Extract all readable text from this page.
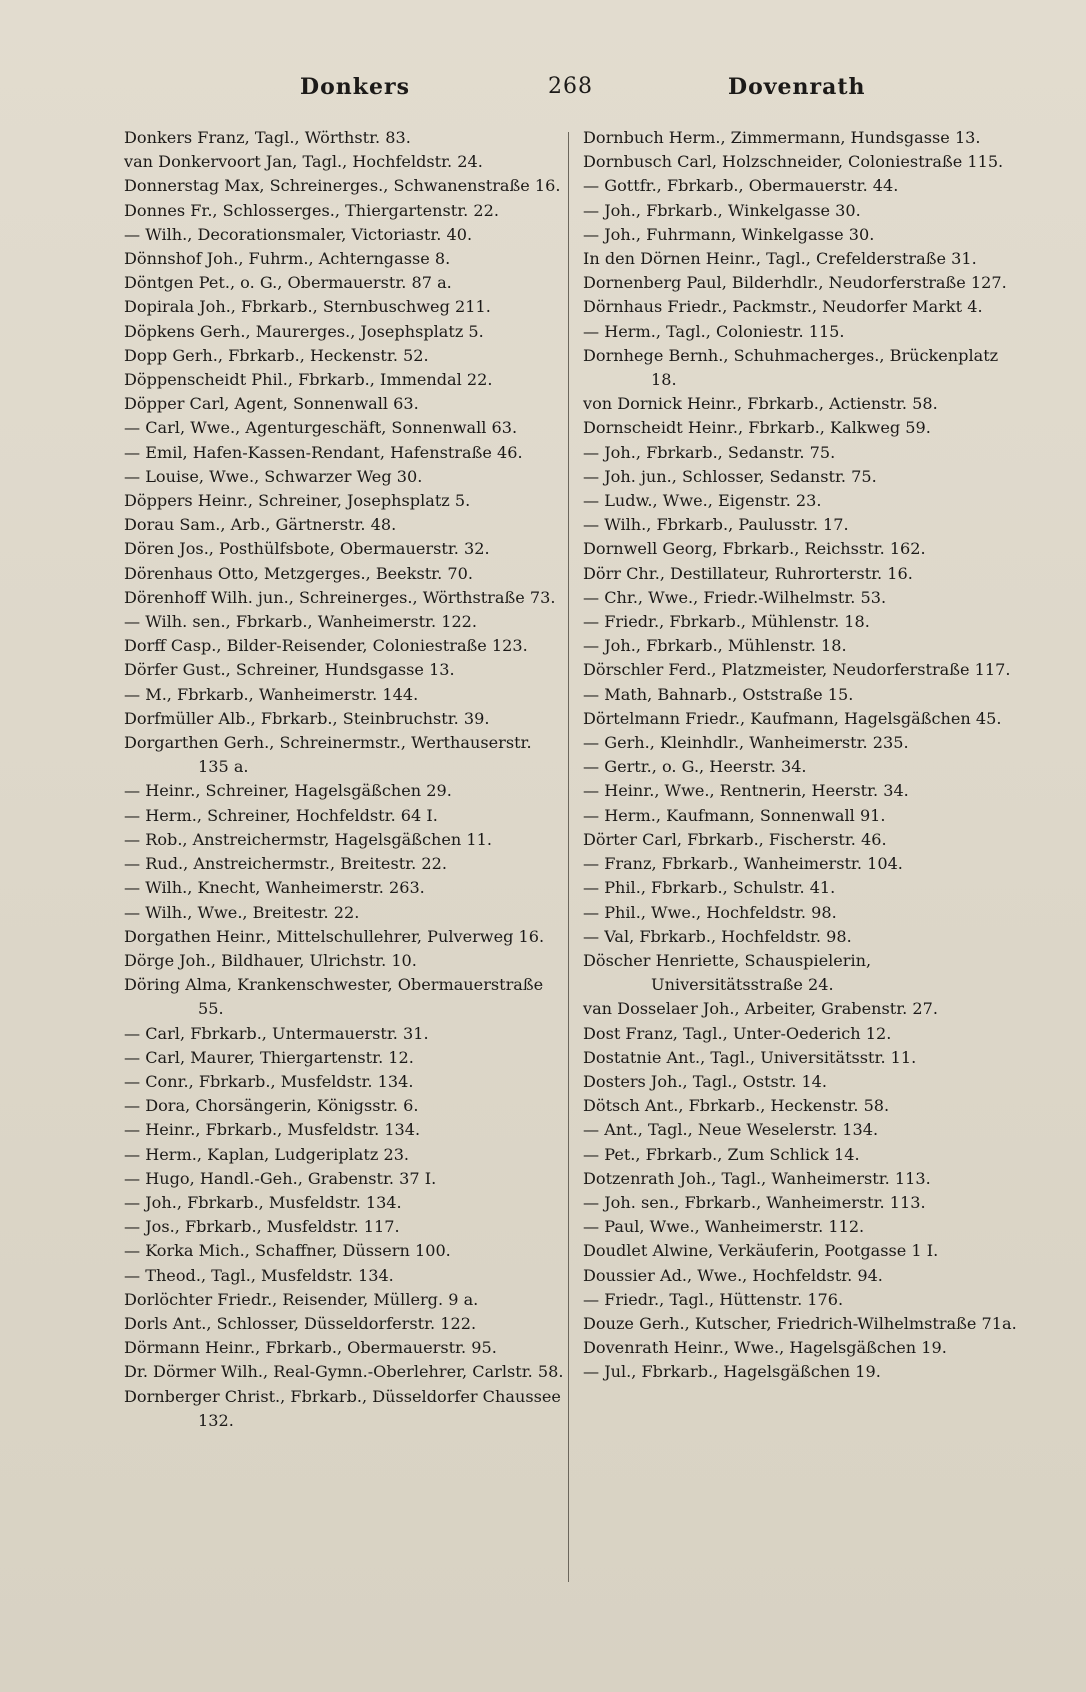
Donkers	268	Dovenrath

Donkers Franz, Tagl., Wörthstr. 83.

van Donkervoort Jan, Tagl., Hochfeldstr. 24.

Donnerstag Max, Schreinerges., Schwanenstraße 16.

Donnes Fr., Schlosserges., Thiergartenstr. 22.

— Wilh., Decorationsmaler, Victoriastr. 40.

Dönnshof Joh., Fuhrm., Achterngasse 8.

Döntgen Pet., o. G., Obermauerstr. 87 a.

Dopirala Joh., Fbrkarb., Sternbuschweg 211.

Döpkens Gerh., Maurerges., Josephsplatz 5.

Dopp Gerh., Fbrkarb., Heckenstr. 52.

Döppenscheidt Phil., Fbrkarb., Immendal 22.

Döpper Carl, Agent, Sonnenwall 63.

— Carl, Wwe., Agenturgeschäft, Sonnenwall 63.

— Emil, Hafen-Kassen-Rendant, Hafenstraße 46.

— Louise, Wwe., Schwarzer Weg 30.

Döppers Heinr., Schreiner, Josephsplatz 5.

Dorau Sam., Arb., Gärtnerstr. 48.

Dören Jos., Posthülfsbote, Obermauerstr. 32.

Dörenhaus Otto, Metzgerges., Beekstr. 70.

Dörenhoff Wilh. jun., Schreinerges., Wörthstraße 73.

— Wilh. sen., Fbrkarb., Wanheimerstr. 122.

Dorff Casp., Bilder-Reisender, Coloniestraße 123.

Dörfer Gust., Schreiner, Hundsgasse 13.

— M., Fbrkarb., Wanheimerstr. 144.

Dorfmüller Alb., Fbrkarb., Steinbruchstr. 39.

Dorgarthen Gerh., Schreinermstr., Werthauserstr. 135 a.

— Heinr., Schreiner, Hagelsgäßchen 29.

— Herm., Schreiner, Hochfeldstr. 64 I.

— Rob., Anstreichermstr, Hagelsgäßchen 11.

— Rud., Anstreichermstr., Breitestr. 22.

— Wilh., Knecht, Wanheimerstr. 263.

— Wilh., Wwe., Breitestr. 22.

Dorgathen Heinr., Mittelschullehrer, Pulverweg 16.

Dörge Joh., Bildhauer, Ulrichstr. 10.

Döring Alma, Krankenschwester, Obermauerstraße 55.

— Carl, Fbrkarb., Untermauerstr. 31.

— Carl, Maurer, Thiergartenstr. 12.

— Conr., Fbrkarb., Musfeldstr. 134.

— Dora, Chorsängerin, Königsstr. 6.

— Heinr., Fbrkarb., Musfeldstr. 134.

— Herm., Kaplan, Ludgeriplatz 23.

— Hugo, Handl.-Geh., Grabenstr. 37 I.

— Joh., Fbrkarb., Musfeldstr. 134.

— Jos., Fbrkarb., Musfeldstr. 117.

— Korka Mich., Schaffner, Düssern 100.

— Theod., Tagl., Musfeldstr. 134.

Dorlöchter Friedr., Reisender, Müllerg. 9 a.

Dorls Ant., Schlosser, Düsseldorferstr. 122.

Dörmann Heinr., Fbrkarb., Obermauerstr. 95.

Dr. Dörmer Wilh., Real-Gymn.-Oberlehrer, Carlstr. 58.

Dornberger Christ., Fbrkarb., Düsseldorfer Chaussee 132.

Dornbuch Herm., Zimmermann, Hundsgasse 13.

Dornbusch Carl, Holzschneider, Coloniestraße 115.

— Gottfr., Fbrkarb., Obermauerstr. 44.

— Joh., Fbrkarb., Winkelgasse 30.

— Joh., Fuhrmann, Winkelgasse 30.

In den Dörnen Heinr., Tagl., Crefelderstraße 31.

Dornenberg Paul, Bilderhdlr., Neudorferstraße 127.

Dörnhaus Friedr., Packmstr., Neudorfer Markt 4.

— Herm., Tagl., Coloniestr. 115.

Dornhege Bernh., Schuhmacherges., Brückenplatz 18.

von Dornick Heinr., Fbrkarb., Actienstr. 58.

Dornscheidt Heinr., Fbrkarb., Kalkweg 59.

— Joh., Fbrkarb., Sedanstr. 75.

— Joh. jun., Schlosser, Sedanstr. 75.

— Ludw., Wwe., Eigenstr. 23.

— Wilh., Fbrkarb., Paulusstr. 17.

Dornwell Georg, Fbrkarb., Reichsstr. 162.

Dörr Chr., Destillateur, Ruhrorterstr. 16.

— Chr., Wwe., Friedr.-Wilhelmstr. 53.

— Friedr., Fbrkarb., Mühlenstr. 18.

— Joh., Fbrkarb., Mühlenstr. 18.

Dörschler Ferd., Platzmeister, Neudorferstraße 117.

— Math, Bahnarb., Oststraße 15.

Dörtelmann Friedr., Kaufmann, Hagelsgäßchen 45.

— Gerh., Kleinhdlr., Wanheimerstr. 235.

— Gertr., o. G., Heerstr. 34.

— Heinr., Wwe., Rentnerin, Heerstr. 34.

— Herm., Kaufmann, Sonnenwall 91.

Dörter Carl, Fbrkarb., Fischerstr. 46.

— Franz, Fbrkarb., Wanheimerstr. 104.

— Phil., Fbrkarb., Schulstr. 41.

— Phil., Wwe., Hochfeldstr. 98.

— Val, Fbrkarb., Hochfeldstr. 98.

Döscher Henriette, Schauspielerin, Universitätsstraße 24.

van Dosselaer Joh., Arbeiter, Grabenstr. 27.

Dost Franz, Tagl., Unter-Oederich 12.

Dostatnie Ant., Tagl., Universitätsstr. 11.

Dosters Joh., Tagl., Oststr. 14.

Dötsch Ant., Fbrkarb., Heckenstr. 58.

— Ant., Tagl., Neue Weselerstr. 134.

— Pet., Fbrkarb., Zum Schlick 14.

Dotzenrath Joh., Tagl., Wanheimerstr. 113.

— Joh. sen., Fbrkarb., Wanheimerstr. 113.

— Paul, Wwe., Wanheimerstr. 112.

Doudlet Alwine, Verkäuferin, Pootgasse 1 I.

Doussier Ad., Wwe., Hochfeldstr. 94.

— Friedr., Tagl., Hüttenstr. 176.

Douze Gerh., Kutscher, Friedrich-Wilhelmstraße 71a.

Dovenrath Heinr., Wwe., Hagelsgäßchen 19.

— Jul., Fbrkarb., Hagelsgäßchen 19.
